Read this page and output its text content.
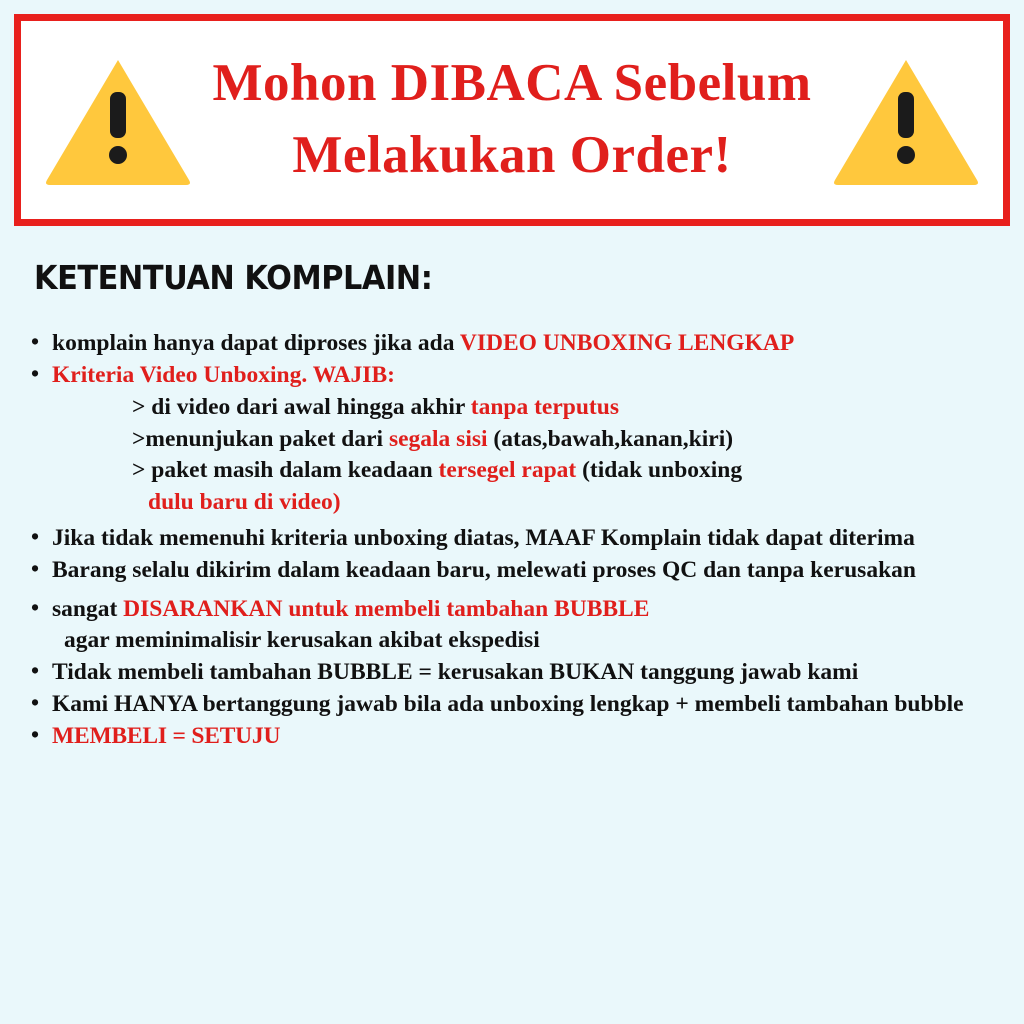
Mohon DIBACA Sebelum
Melakukan Order!
KETENTUAN KOMPLAIN:
• komplain hanya dapat diproses jika ada VIDEO UNBOXING LENGKAP
• Kriteria Video Unboxing. WAJIB:
> di video dari awal hingga akhir tanpa terputus
>menunjukan paket dari segala sisi (atas,bawah,kanan,kiri)
> paket masih dalam keadaan tersegel rapat (tidak unboxing
dulu baru di video)
• Jika tidak memenuhi kriteria unboxing diatas, MAAF Komplain tidak dapat diterima
• Barang selalu dikirim dalam keadaan baru, melewati proses QC dan tanpa kerusakan
• sangat DISARANKAN untuk membeli tambahan BUBBLE
agar meminimalisir kerusakan akibat ekspedisi
• Tidak membeli tambahan BUBBLE = kerusakan BUKAN tanggung jawab kami
• Kami HANYA bertanggung jawab bila ada unboxing lengkap + membeli tambahan bubble
• MEMBELI = SETUJU
